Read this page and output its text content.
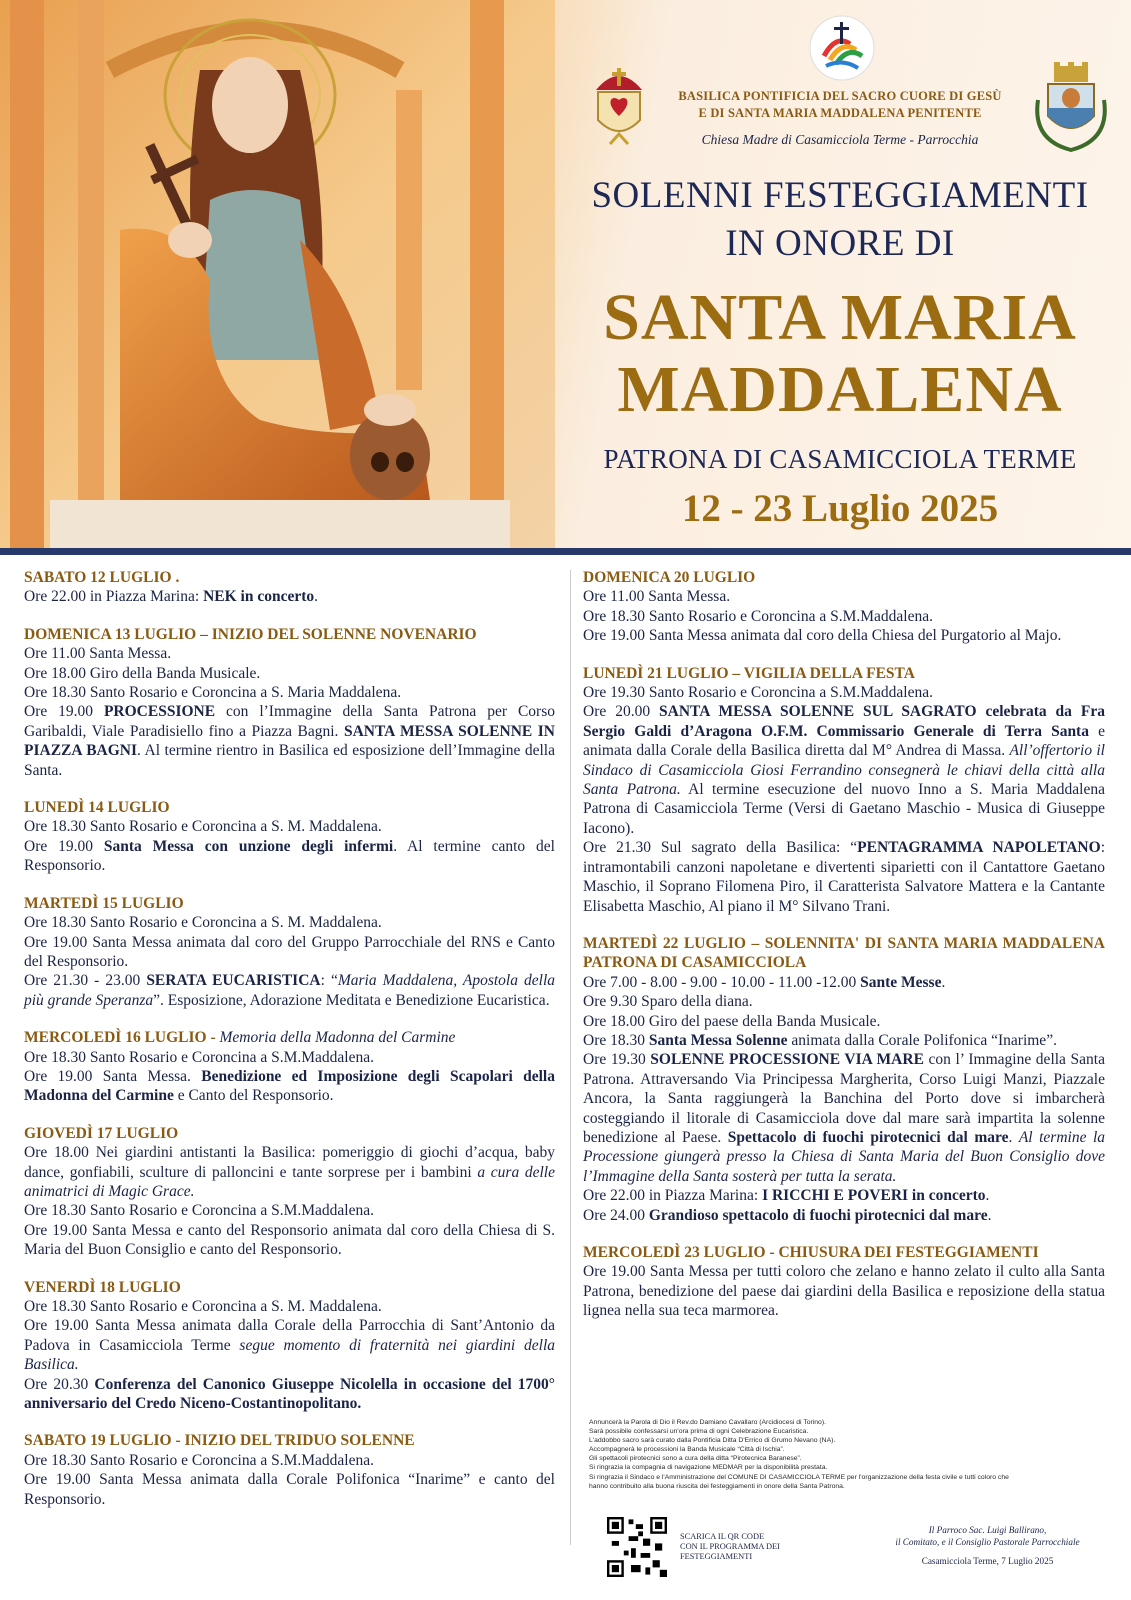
BASILICA PONTIFICIA DEL SACRO CUORE DI GESÙ
E DI SANTA MARIA MADDALENA PENITENTE
Chiesa Madre di Casamicciola Terme - Parrocchia
SOLENNI FESTEGGIAMENTI
IN ONORE DI
SANTA MARIA
MADDALENA
PATRONA DI CASAMICCIOLA TERME
12 - 23 Luglio 2025
SABATO 12 LUGLIO .
Ore 22.00 in Piazza Marina: NEK in concerto.
DOMENICA 13 LUGLIO – INIZIO DEL SOLENNE NOVENARIO
Ore 11.00 Santa Messa.
Ore 18.00 Giro della Banda Musicale.
Ore 18.30 Santo Rosario e Coroncina a S. Maria Maddalena.
Ore 19.00 PROCESSIONE con l’Immagine della Santa Patrona per Corso Garibaldi, Viale Paradisiello fino a Piazza Bagni. SANTA MESSA SOLENNE IN PIAZZA BAGNI. Al termine rientro in Basilica ed esposizione dell’Immagine della Santa.
LUNEDÌ 14 LUGLIO
Ore 18.30 Santo Rosario e Coroncina a S. M. Maddalena.
Ore 19.00 Santa Messa con unzione degli infermi. Al termine canto del Responsorio.
MARTEDÌ 15 LUGLIO
Ore 18.30 Santo Rosario e Coroncina a S. M. Maddalena.
Ore 19.00 Santa Messa animata dal coro del Gruppo Parrocchiale del RNS e Canto del Responsorio.
Ore 21.30 - 23.00 SERATA EUCARISTICA: “Maria Maddalena, Apostola della più grande Speranza”. Esposizione, Adorazione Meditata e Benedizione Eucaristica.
MERCOLEDÌ 16 LUGLIO - Memoria della Madonna del Carmine
Ore 18.30 Santo Rosario e Coroncina a S.M.Maddalena.
Ore 19.00 Santa Messa. Benedizione ed Imposizione degli Scapolari della Madonna del Carmine e Canto del Responsorio.
GIOVEDÌ 17 LUGLIO
Ore 18.00 Nei giardini antistanti la Basilica: pomeriggio di giochi d’acqua, baby dance, gonfiabili, sculture di palloncini e tante sorprese per i bambini a cura delle animatrici di Magic Grace.
Ore 18.30 Santo Rosario e Coroncina a S.M.Maddalena.
Ore 19.00 Santa Messa e canto del Responsorio animata dal coro della Chiesa di S. Maria del Buon Consiglio e canto del Responsorio.
VENERDÌ 18 LUGLIO
Ore 18.30 Santo Rosario e Coroncina a S. M. Maddalena.
Ore 19.00 Santa Messa animata dalla Corale della Parrocchia di Sant’Antonio da Padova in Casamicciola Terme segue momento di fraternità nei giardini della Basilica.
Ore 20.30 Conferenza del Canonico Giuseppe Nicolella in occasione del 1700° anniversario del Credo Niceno-Costantinopolitano.
SABATO 19 LUGLIO - INIZIO DEL TRIDUO SOLENNE
Ore 18.30 Santo Rosario e Coroncina a S.M.Maddalena.
Ore 19.00 Santa Messa animata dalla Corale Polifonica “Inarime” e canto del Responsorio.
DOMENICA 20 LUGLIO
Ore 11.00 Santa Messa.
Ore 18.30 Santo Rosario e Coroncina a S.M.Maddalena.
Ore 19.00 Santa Messa animata dal coro della Chiesa del Purgatorio al Majo.
LUNEDÌ 21 LUGLIO – VIGILIA DELLA FESTA
Ore 19.30 Santo Rosario e Coroncina a S.M.Maddalena.
Ore 20.00 SANTA MESSA SOLENNE SUL SAGRATO celebrata da Fra Sergio Galdi d’Aragona O.F.M. Commissario Generale di Terra Santa e animata dalla Corale della Basilica diretta dal M° Andrea di Massa. All’offertorio il Sindaco di Casamicciola Giosi Ferrandino consegnerà le chiavi della città alla Santa Patrona. Al termine esecuzione del nuovo Inno a S. Maria Maddalena Patrona di Casamicciola Terme (Versi di Gaetano Maschio - Musica di Giuseppe Iacono).
Ore 21.30 Sul sagrato della Basilica: “PENTAGRAMMA NAPOLETANO: intramontabili canzoni napoletane e divertenti siparietti con il Cantattore Gaetano Maschio, il Soprano Filomena Piro, il Caratterista Salvatore Mattera e la Cantante Elisabetta Maschio, Al piano il M° Silvano Trani.
MARTEDÌ 22 LUGLIO – SOLENNITA' DI SANTA MARIA MADDALENA PATRONA DI CASAMICCIOLA
Ore 7.00 - 8.00 - 9.00 - 10.00 - 11.00 -12.00 Sante Messe.
Ore 9.30 Sparo della diana.
Ore 18.00 Giro del paese della Banda Musicale.
Ore 18.30 Santa Messa Solenne animata dalla Corale Polifonica “Inarime”.
Ore 19.30 SOLENNE PROCESSIONE VIA MARE con l’ Immagine della Santa Patrona. Attraversando Via Principessa Margherita, Corso Luigi Manzi, Piazzale Ancora, la Santa raggiungerà la Banchina del Porto dove si imbarcherà costeggiando il litorale di Casamicciola dove dal mare sarà impartita la solenne benedizione al Paese. Spettacolo di fuochi pirotecnici dal mare. Al termine la Processione giungerà presso la Chiesa di Santa Maria del Buon Consiglio dove l’Immagine della Santa sosterà per tutta la serata.
Ore 22.00 in Piazza Marina: I RICCHI E POVERI in concerto.
Ore 24.00 Grandioso spettacolo di fuochi pirotecnici dal mare.
MERCOLEDÌ 23 LUGLIO - CHIUSURA DEI FESTEGGIAMENTI
Ore 19.00 Santa Messa per tutti coloro che zelano e hanno zelato il culto alla Santa Patrona, benedizione del paese dai giardini della Basilica e reposizione della statua lignea nella sua teca marmorea.
Annuncerà la Parola di Dio il Rev.do Damiano Cavallaro (Arcidiocesi di Torino).
Sarà possibile confessarsi un'ora prima di ogni Celebrazione Eucaristica.
L'addobbo sacro sarà curato dalla Pontificia Ditta D'Errico di Grumo Nevano (NA).
Accompagnerà le processioni la Banda Musicale “Città di Ischia”.
Gli spettacoli pirotecnici sono a cura della ditta “Pirotecnica Baranese”.
Si ringrazia la compagnia di navigazione MEDMAR per la disponibilità prestata.
Si ringrazia il Sindaco e l'Amministrazione del COMUNE DI CASAMICCIOLA TERME per l'organizzazione della festa civile e tutti coloro che
hanno contribuito alla buona riuscita dei festeggiamenti in onore della Santa Patrona.
SCARICA IL QR CODE
CON IL PROGRAMMA DEI
FESTEGGIAMENTI
Il Parroco Sac. Luigi Ballirano,
il Comitato, e il Consiglio Pastorale Parrocchiale
Casamicciola Terme, 7 Luglio 2025
